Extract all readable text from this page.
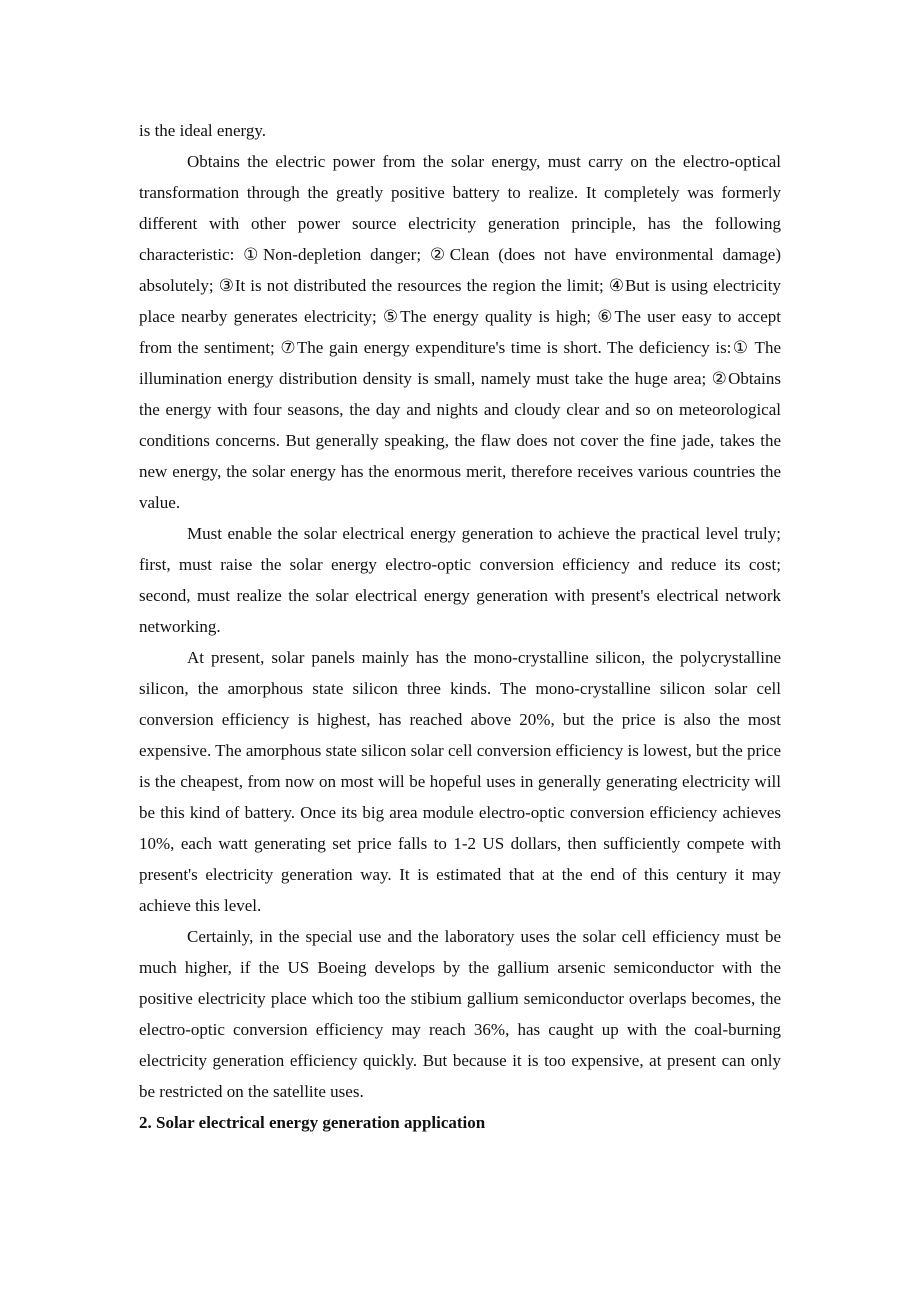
is the ideal energy.

Obtains the electric power from the solar energy, must carry on the electro-optical transformation through the greatly positive battery to realize. It completely was formerly different with other power source electricity generation principle, has the following characteristic: ①Non-depletion danger; ②Clean (does not have environmental damage) absolutely; ③It is not distributed the resources the region the limit; ④But is using electricity place nearby generates electricity; ⑤The energy quality is high; ⑥The user easy to accept from the sentiment; ⑦The gain energy expenditure's time is short. The deficiency is:① The illumination energy distribution density is small, namely must take the huge area; ②Obtains the energy with four seasons, the day and nights and cloudy clear and so on meteorological conditions concerns. But generally speaking, the flaw does not cover the fine jade, takes the new energy, the solar energy has the enormous merit, therefore receives various countries the value.

Must enable the solar electrical energy generation to achieve the practical level truly; first, must raise the solar energy electro-optic conversion efficiency and reduce its cost; second, must realize the solar electrical energy generation with present's electrical network networking.

At present, solar panels mainly has the mono-crystalline silicon, the polycrystalline silicon, the amorphous state silicon three kinds. The mono-crystalline silicon solar cell conversion efficiency is highest, has reached above 20%, but the price is also the most expensive. The amorphous state silicon solar cell conversion efficiency is lowest, but the price is the cheapest, from now on most will be hopeful uses in generally generating electricity will be this kind of battery. Once its big area module electro-optic conversion efficiency achieves 10%, each watt generating set price falls to 1-2 US dollars, then sufficiently compete with present's electricity generation way. It is estimated that at the end of this century it may achieve this level.

Certainly, in the special use and the laboratory uses the solar cell efficiency must be much higher, if the US Boeing develops by the gallium arsenic semiconductor with the positive electricity place which too the stibium gallium semiconductor overlaps becomes, the electro-optic conversion efficiency may reach 36%, has caught up with the coal-burning electricity generation efficiency quickly. But because it is too expensive, at present can only be restricted on the satellite uses.

2. Solar electrical energy generation application
